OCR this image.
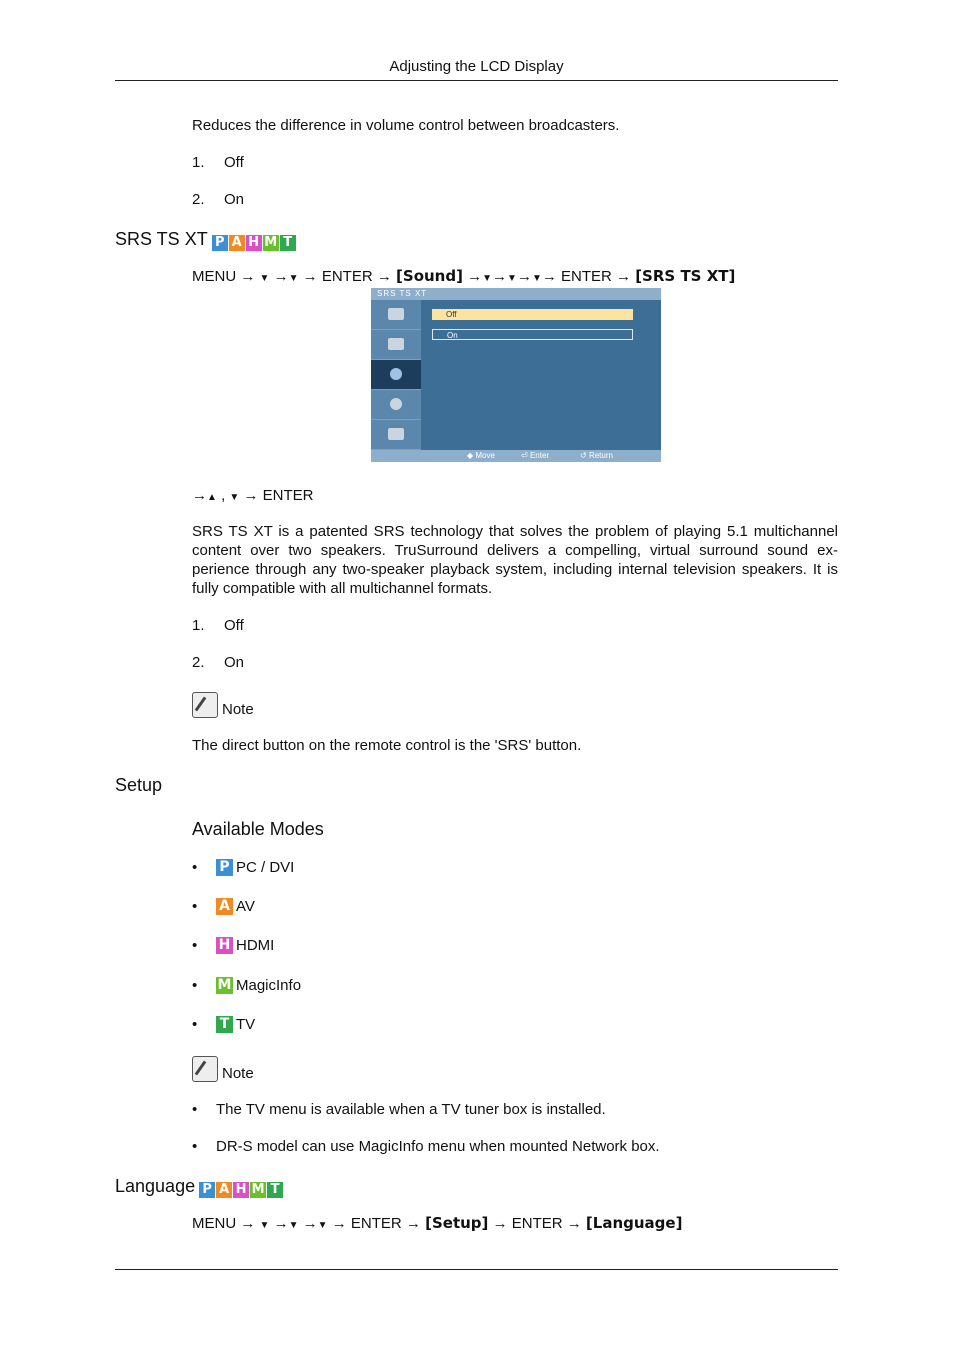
Adjusting the LCD Display
Reduces the difference in volume control between broadcasters.
1. Off
2. On
SRS TS XT P A H M T
MENU → ▼ →▼ → ENTER → [Sound] →▼→▼→▼→ ENTER → [SRS TS XT]
SRS TS XT
Off
On
◆ Move	⏎ Enter	↺ Return
→▲ , ▼ → ENTER
SRS TS XT is a patented SRS technology that solves the problem of playing 5.1 multichannel content over two speakers. TruSurround delivers a compelling, virtual surround sound ex- perience through any two-speaker playback system, including internal television speakers. It is fully compatible with all multichannel formats.
1. Off
2. On
Note
The direct button on the remote control is the 'SRS' button.
Setup
Available Modes
• P PC / DVI
• A AV
• H HDMI
• M MagicInfo
• T TV
Note
• The TV menu is available when a TV tuner box is installed.
• DR-S model can use MagicInfo menu when mounted Network box.
Language P A H M T
MENU → ▼ →▼ →▼ → ENTER → [Setup] → ENTER → [Language]
